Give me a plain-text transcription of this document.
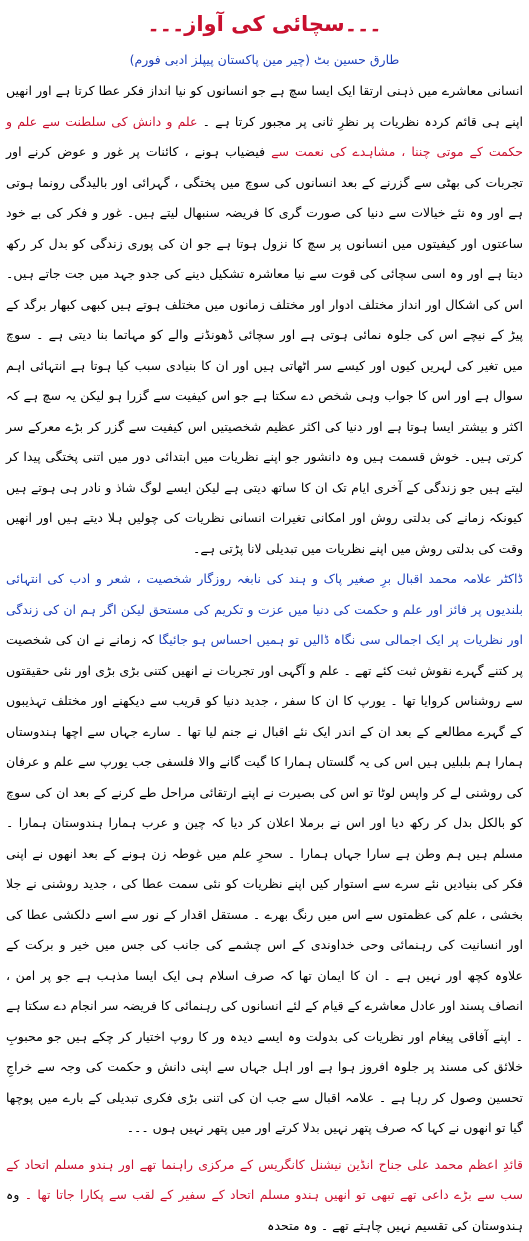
۔۔۔سچائی کی آواز۔۔۔
طارق حسین بٹ (چیر مین پاکستان پیپلز ادبی فورم)

انسانی معاشرے میں ذہنی ارتقا ایک ایسا سچ ہے جو انسانوں کو نیا انداز فکر عطا کرتا ہے اور انھیں اپنے ہی قائم کردہ نظریات پر نظرِ ثانی پر مجبور کرتا ہے ۔ علم و دانش کی سلطنت سے علم و حکمت کے موتی چننا ، مشاہدے کی نعمت سے فیضیاب ہونے ، کائنات پر غور و عوض کرنے اور تجربات کی بھٹی سے گزرنے کے بعد انسانوں کی سوچ میں پختگی ، گہرائی اور بالیدگی رونما ہوتی ہے اور وہ نئے خیالات سے دنیا کی صورت گری کا فریضہ سنبھال لیتے ہیں۔ غور و فکر کی بے خود ساعتوں اور کیفیتوں میں انسانوں پر سچ کا نزول ہوتا ہے جو ان کی پوری زندگی کو بدل کر رکھ دیتا ہے اور وہ اسی سچائی کی قوت سے نیا معاشرہ تشکیل دینے کی جدو جہد میں جت جاتے ہیں۔ اس کی اشکال اور انداز مختلف ادوار اور مختلف زمانوں میں مختلف ہوتے ہیں کبھی کبھار برگد کے پیڑ کے نیچے اس کی جلوہ نمائی ہوتی ہے اور سچائی ڈھونڈنے والے کو مہاتما بنا دیتی ہے ۔ سوچ میں تغیر کی لہریں کیوں اور کیسے سر اٹھاتی ہیں اور ان کا بنیادی سبب کیا ہوتا ہے انتہائی اہم سوال ہے اور اس کا جواب وہی شخص دے سکتا ہے جو اس کیفیت سے گزرا ہو لیکن یہ سچ ہے کہ اکثر و بیشتر ایسا ہوتا ہے اور دنیا کی اکثر عظیم شخصیتیں اس کیفیت سے گزر کر بڑے معرکے سر کرتی ہیں۔ خوش قسمت ہیں وہ دانشور جو اپنے نظریات میں ابتدائی دور میں اتنی پختگی پیدا کر لیتے ہیں جو زندگی کے آخری ایام تک ان کا ساتھ دیتی ہے لیکن ایسے لوگ شاذ و نادر ہی ہوتے ہیں کیونکہ زمانے کی بدلتی روش اور امکانی تغیرات انسانی نظریات کی چولیں ہلا دیتے ہیں اور انھیں وقت کی بدلتی روش میں اپنے نظریات میں تبدیلی لانا پڑتی ہے۔

ڈاکٹر علامہ محمد اقبال برِ صغیر پاک و ہند کی نابغہ روزگار شخصیت ، شعر و ادب کی انتہائی بلندیوں پر فائز اور علم و حکمت کی دنیا میں عزت و تکریم کی مستحق لیکن اگر ہم ان کی زندگی اور نظریات پر ایک اجمالی سی نگاہ ڈالیں تو ہمیں احساس ہو جائیگا کہ زمانے نے ان کی شخصیت پر کتنے گہرے نقوش ثبت کئے تھے ۔ علم و آگہی اور تجربات نے انھیں کتنی بڑی بڑی اور نئی حقیقتوں سے روشناس کروایا تھا ۔ یورپ کا ان کا سفر ، جدید دنیا کو قریب سے دیکھنے اور مختلف تہذیبوں کے گہرے مطالعے کے بعد ان کے اندر ایک نئے اقبال نے جنم لیا تھا ۔ سارے جہاں سے اچھا ہندوستاں ہمارا ہم بلبلیں ہیں اس کی یہ گلستاں ہمارا کا گیت گانے والا فلسفی جب یورپ سے علم و عرفان کی روشنی لے کر واپس لوٹا تو اس کی بصیرت نے اپنے ارتقائی مراحل طے کرنے کے بعد ان کی سوچ کو بالکل بدل کر رکھ دیا اور اس نے برملا اعلان کر دیا کہ چین و عرب ہمارا ہندوستان ہمارا ۔ مسلم ہیں ہم وطن ہے سارا جہاں ہمارا ۔ سحرِ علم میں غوطہ زن ہونے کے بعد انھوں نے اپنی فکر کی بنیادیں نئے سرے سے استوار کیں اپنے نظریات کو نئی سمت عطا کی ، جدید روشنی نے جلا بخشی ، علم کی عظمتوں سے اس میں رنگ بھرے ۔ مستقل اقدار کے نور سے اسے دلکشی عطا کی اور انسانیت کی رہنمائی وحی خداوندی کے اس چشمے کی جانب کی جس میں خیر و برکت کے علاوہ کچھ اور نہیں ہے ۔ ان کا ایمان تھا کہ صرف اسلام ہی ایک ایسا مذہب ہے جو پر امن ، انصاف پسند اور عادل معاشرے کے قیام کے لئے انسانوں کی رہنمائی کا فریضہ سر انجام دے سکتا ہے ۔ اپنے آفاقی پیغام اور نظریات کی بدولت وہ ایسے دیدہ ور کا روپ اختیار کر چکے ہیں جو محبوبِ خلائق کی مسند پر جلوہ افروز ہوا ہے اور اہل جہاں سے اپنی دانش و حکمت کی وجہ سے خراجِ تحسین وصول کر رہا ہے ۔ علامہ اقبال سے جب ان کی اتنی بڑی فکری تبدیلی کے بارے میں پوچھا گیا تو انھوں نے کہا کہ صرف پتھر نہیں بدلا کرتے اور میں پتھر نہیں ہوں ۔۔۔

قائدِ اعظم محمد علی جناح انڈین نیشنل کانگریس کے مرکزی راہنما تھے اور ہندو مسلم اتحاد کے سب سے بڑے داعی تھے تبھی تو انھیں ہندو مسلم اتحاد کے سفیر کے لقب سے پکارا جاتا تھا ۔ وہ ہندوستان کی تقسیم نہیں چاہتے تھے ۔ وہ متحدہ
